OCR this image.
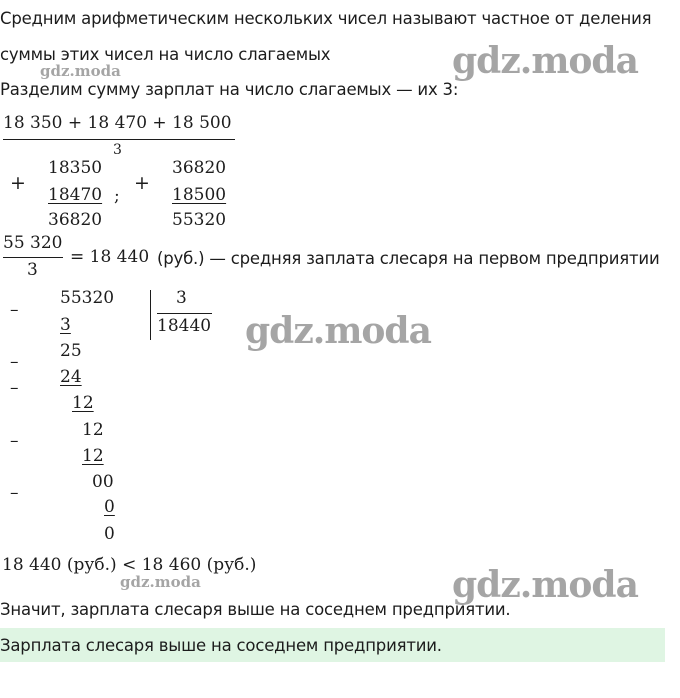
Средним арифметическим нескольких чисел называют частное от деления
суммы этих чисел на число слагаемых
Разделим сумму зарплат на число слагаемых — их 3:
gdz.moda	gdz.moda
gdz.moda
gdz.moda	gdz.moda
18 350 + 18 470 + 18 500
3
+
18350
18470
36820
;
+
36820
18500
55320
55 320
3
= 18 440 (руб.) — средняя заплата слесаря на первом предприятии
–
55320	3
18440
3
25
–
24
–
12
12
–
12
00
–
0
0
18 440 (руб.) < 18 460 (руб.)
Значит, зарплата слесаря выше на соседнем предприятии.
Зарплата слесаря выше на соседнем предприятии.
